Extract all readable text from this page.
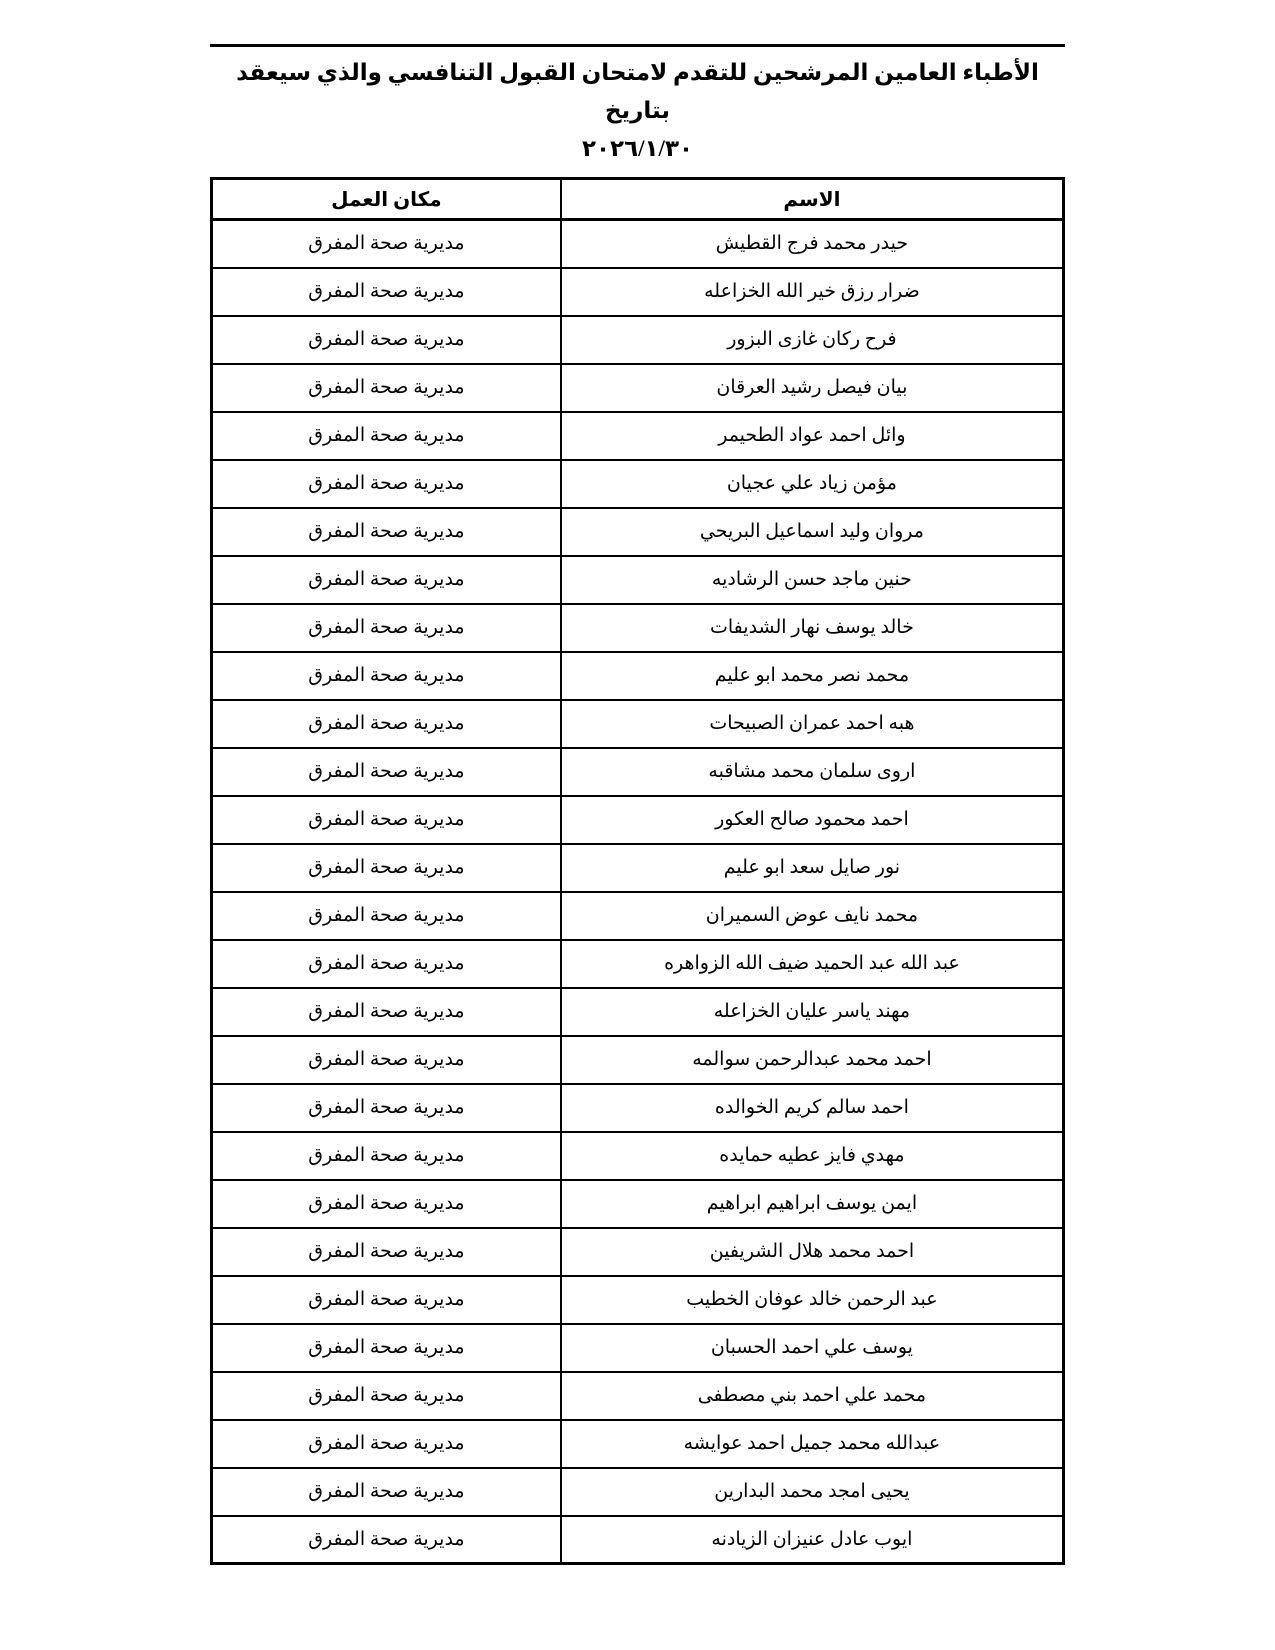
الأطباء العامين المرشحين للتقدم لامتحان القبول التنافسي والذي سيعقد بتاريخ
٢٠٢٦/١/٣٠
الاسم	مكان العمل
حيدر محمد فرج القطيش	مديرية صحة المفرق
ضرار رزق خير الله الخزاعله	مديرية صحة المفرق
فرح ركان غازى البزور	مديرية صحة المفرق
بيان فيصل رشيد العرقان	مديرية صحة المفرق
وائل احمد عواد الطحيمر	مديرية صحة المفرق
مؤمن زياد علي عجيان	مديرية صحة المفرق
مروان وليد اسماعيل البريحي	مديرية صحة المفرق
حنين ماجد حسن الرشاديه	مديرية صحة المفرق
خالد يوسف نهار الشديفات	مديرية صحة المفرق
محمد نصر محمد ابو عليم	مديرية صحة المفرق
هبه احمد عمران الصبيحات	مديرية صحة المفرق
اروى سلمان محمد مشاقبه	مديرية صحة المفرق
احمد محمود صالح العكور	مديرية صحة المفرق
نور صايل سعد ابو عليم	مديرية صحة المفرق
محمد نايف عوض السميران	مديرية صحة المفرق
عبد الله عبد الحميد ضيف الله الزواهره	مديرية صحة المفرق
مهند ياسر عليان الخزاعله	مديرية صحة المفرق
احمد محمد عبدالرحمن سوالمه	مديرية صحة المفرق
احمد سالم كريم الخوالده	مديرية صحة المفرق
مهدي فايز عطيه حمايده	مديرية صحة المفرق
ايمن يوسف ابراهيم ابراهيم	مديرية صحة المفرق
احمد محمد هلال الشريفين	مديرية صحة المفرق
عبد الرحمن خالد عوفان الخطيب	مديرية صحة المفرق
يوسف علي احمد الحسبان	مديرية صحة المفرق
محمد علي احمد بني مصطفى	مديرية صحة المفرق
عبدالله محمد جميل احمد عوايشه	مديرية صحة المفرق
يحيى امجد محمد البدارين	مديرية صحة المفرق
ايوب عادل عنيزان الزيادنه	مديرية صحة المفرق
